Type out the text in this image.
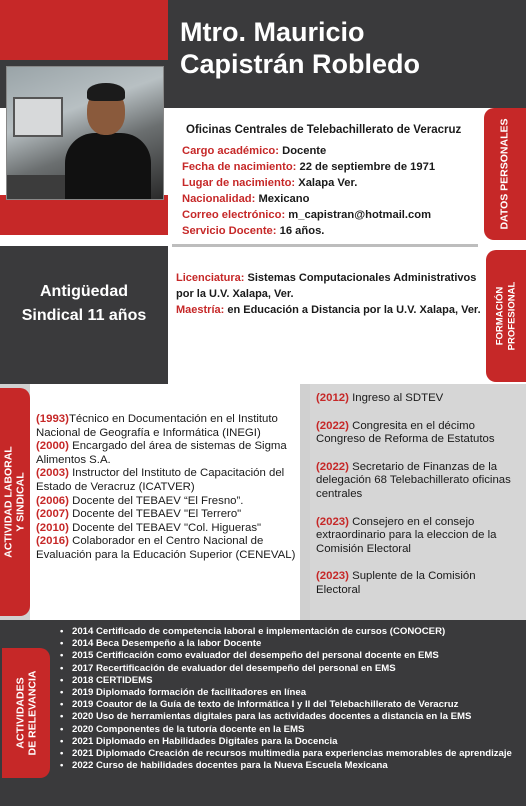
Mtro. Mauricio
Capistrán Robledo
Oficinas Centrales de Telebachillerato de Veracruz
Cargo académico: Docente
Fecha de nacimiento: 22 de septiembre de 1971
Lugar de nacimiento: Xalapa Ver.
Nacionalidad: Mexicano
Correo electrónico: m_capistran@hotmail.com
Servicio Docente: 16 años.
DATOS PERSONALES
FORMACIÓN PROFESIONAL
Antigüedad
Sindical 11 años
Licenciatura: Sistemas Computacionales Administrativos por la U.V. Xalapa, Ver.
Maestría: en Educación a Distancia por la U.V. Xalapa, Ver.
ACTIVIDAD LABORAL Y SINDICAL

(1993)Técnico en Documentación en el Instituto Nacional de Geografía e Informática (INEGI)

(2000) Encargado del área de sistemas de Sigma Alimentos S.A.

(2003) Instructor del Instituto de Capacitación del Estado de Veracruz (ICATVER)

(2006) Docente del TEBAEV “El Fresno”.

(2007) Docente del TEBAEV "El Terrero"

(2010) Docente del TEBAEV "Col. Higueras"

(2016) Colaborador en el Centro Nacional de Evaluación para la Educación Superior (CENEVAL)

(2012) Ingreso al SDTEV

(2022) Congresita en el décimo Congreso de Reforma de Estatutos

(2022) Secretario de Finanzas de la delegación 68 Telebachillerato oficinas centrales

(2023) Consejero en el consejo extraordinario para la eleccion de la Comisión Electoral

(2023) Suplente de la Comisión Electoral

ACTIVIDADES DE RELEVANCIA
• 2014 Certificado de competencia laboral e implementación de cursos (CONOCER)
• 2014 Beca Desempeño a la labor Docente
• 2015 Certificación como evaluador del desempeño del personal docente en EMS
• 2017 Recertificación de evaluador del desempeño del personal en EMS
• 2018 CERTIDEMS
• 2019 Diplomado formación de facilitadores en línea
• 2019 Coautor de la Guía de texto de Informática I y II del Telebachillerato de Veracruz
• 2020 Uso de herramientas digitales para las actividades docentes a distancia en la EMS
• 2020 Componentes de la tutoría docente en la EMS
• 2021 Diplomado en Habilidades Digitales para la Docencia
• 2021 Diplomado Creación de recursos multimedia para experiencias memorables de aprendizaje
• 2022 Curso de habilidades docentes para la Nueva Escuela Mexicana
